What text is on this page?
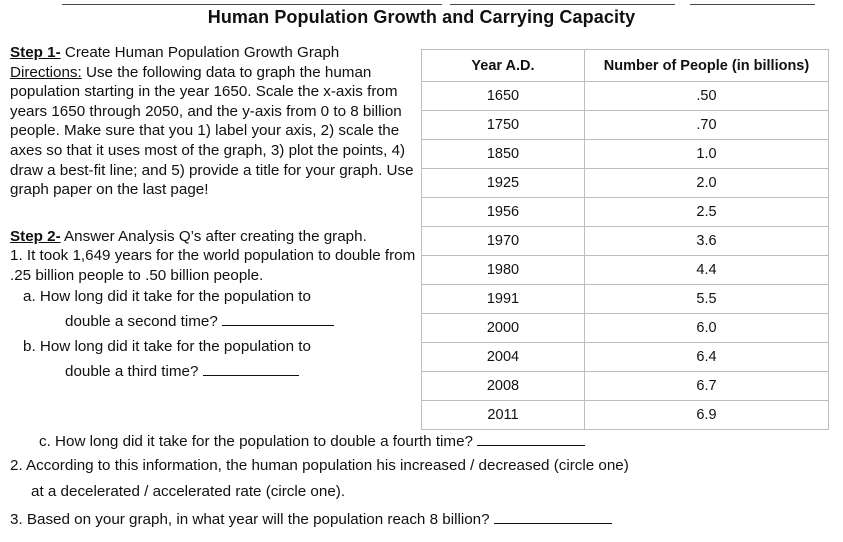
Human Population Growth and Carrying Capacity

Step 1- Create Human Population Growth Graph
Directions: Use the following data to graph the human population starting in the year 1650. Scale the x-axis from years 1650 through 2050, and the y-axis from 0 to 8 billion people. Make sure that you 1) label your axis, 2) scale the axes so that it uses most of the graph, 3) plot the points, 4) draw a best-fit line; and 5) provide a title for your graph. Use graph paper on the last page!

Step 2- Answer Analysis Q’s after creating the graph.

1. It took 1,649 years for the world population to double from .25 billion people to .50 billion people.

a. How long did it take for the population to

double a second time?

b. How long did it take for the population to

double a third time?

c. How long did it take for the population to double a fourth time?
2. According to this information, the human population his increased / decreased (circle one)
at a decelerated / accelerated rate (circle one).
3. Based on your graph, in what year will the population reach 8 billion?
Year A.D.	Number of People (in billions)
1650	.50
1750	.70
1850	1.0
1925	2.0
1956	2.5
1970	3.6
1980	4.4
1991	5.5
2000	6.0
2004	6.4
2008	6.7
2011	6.9
